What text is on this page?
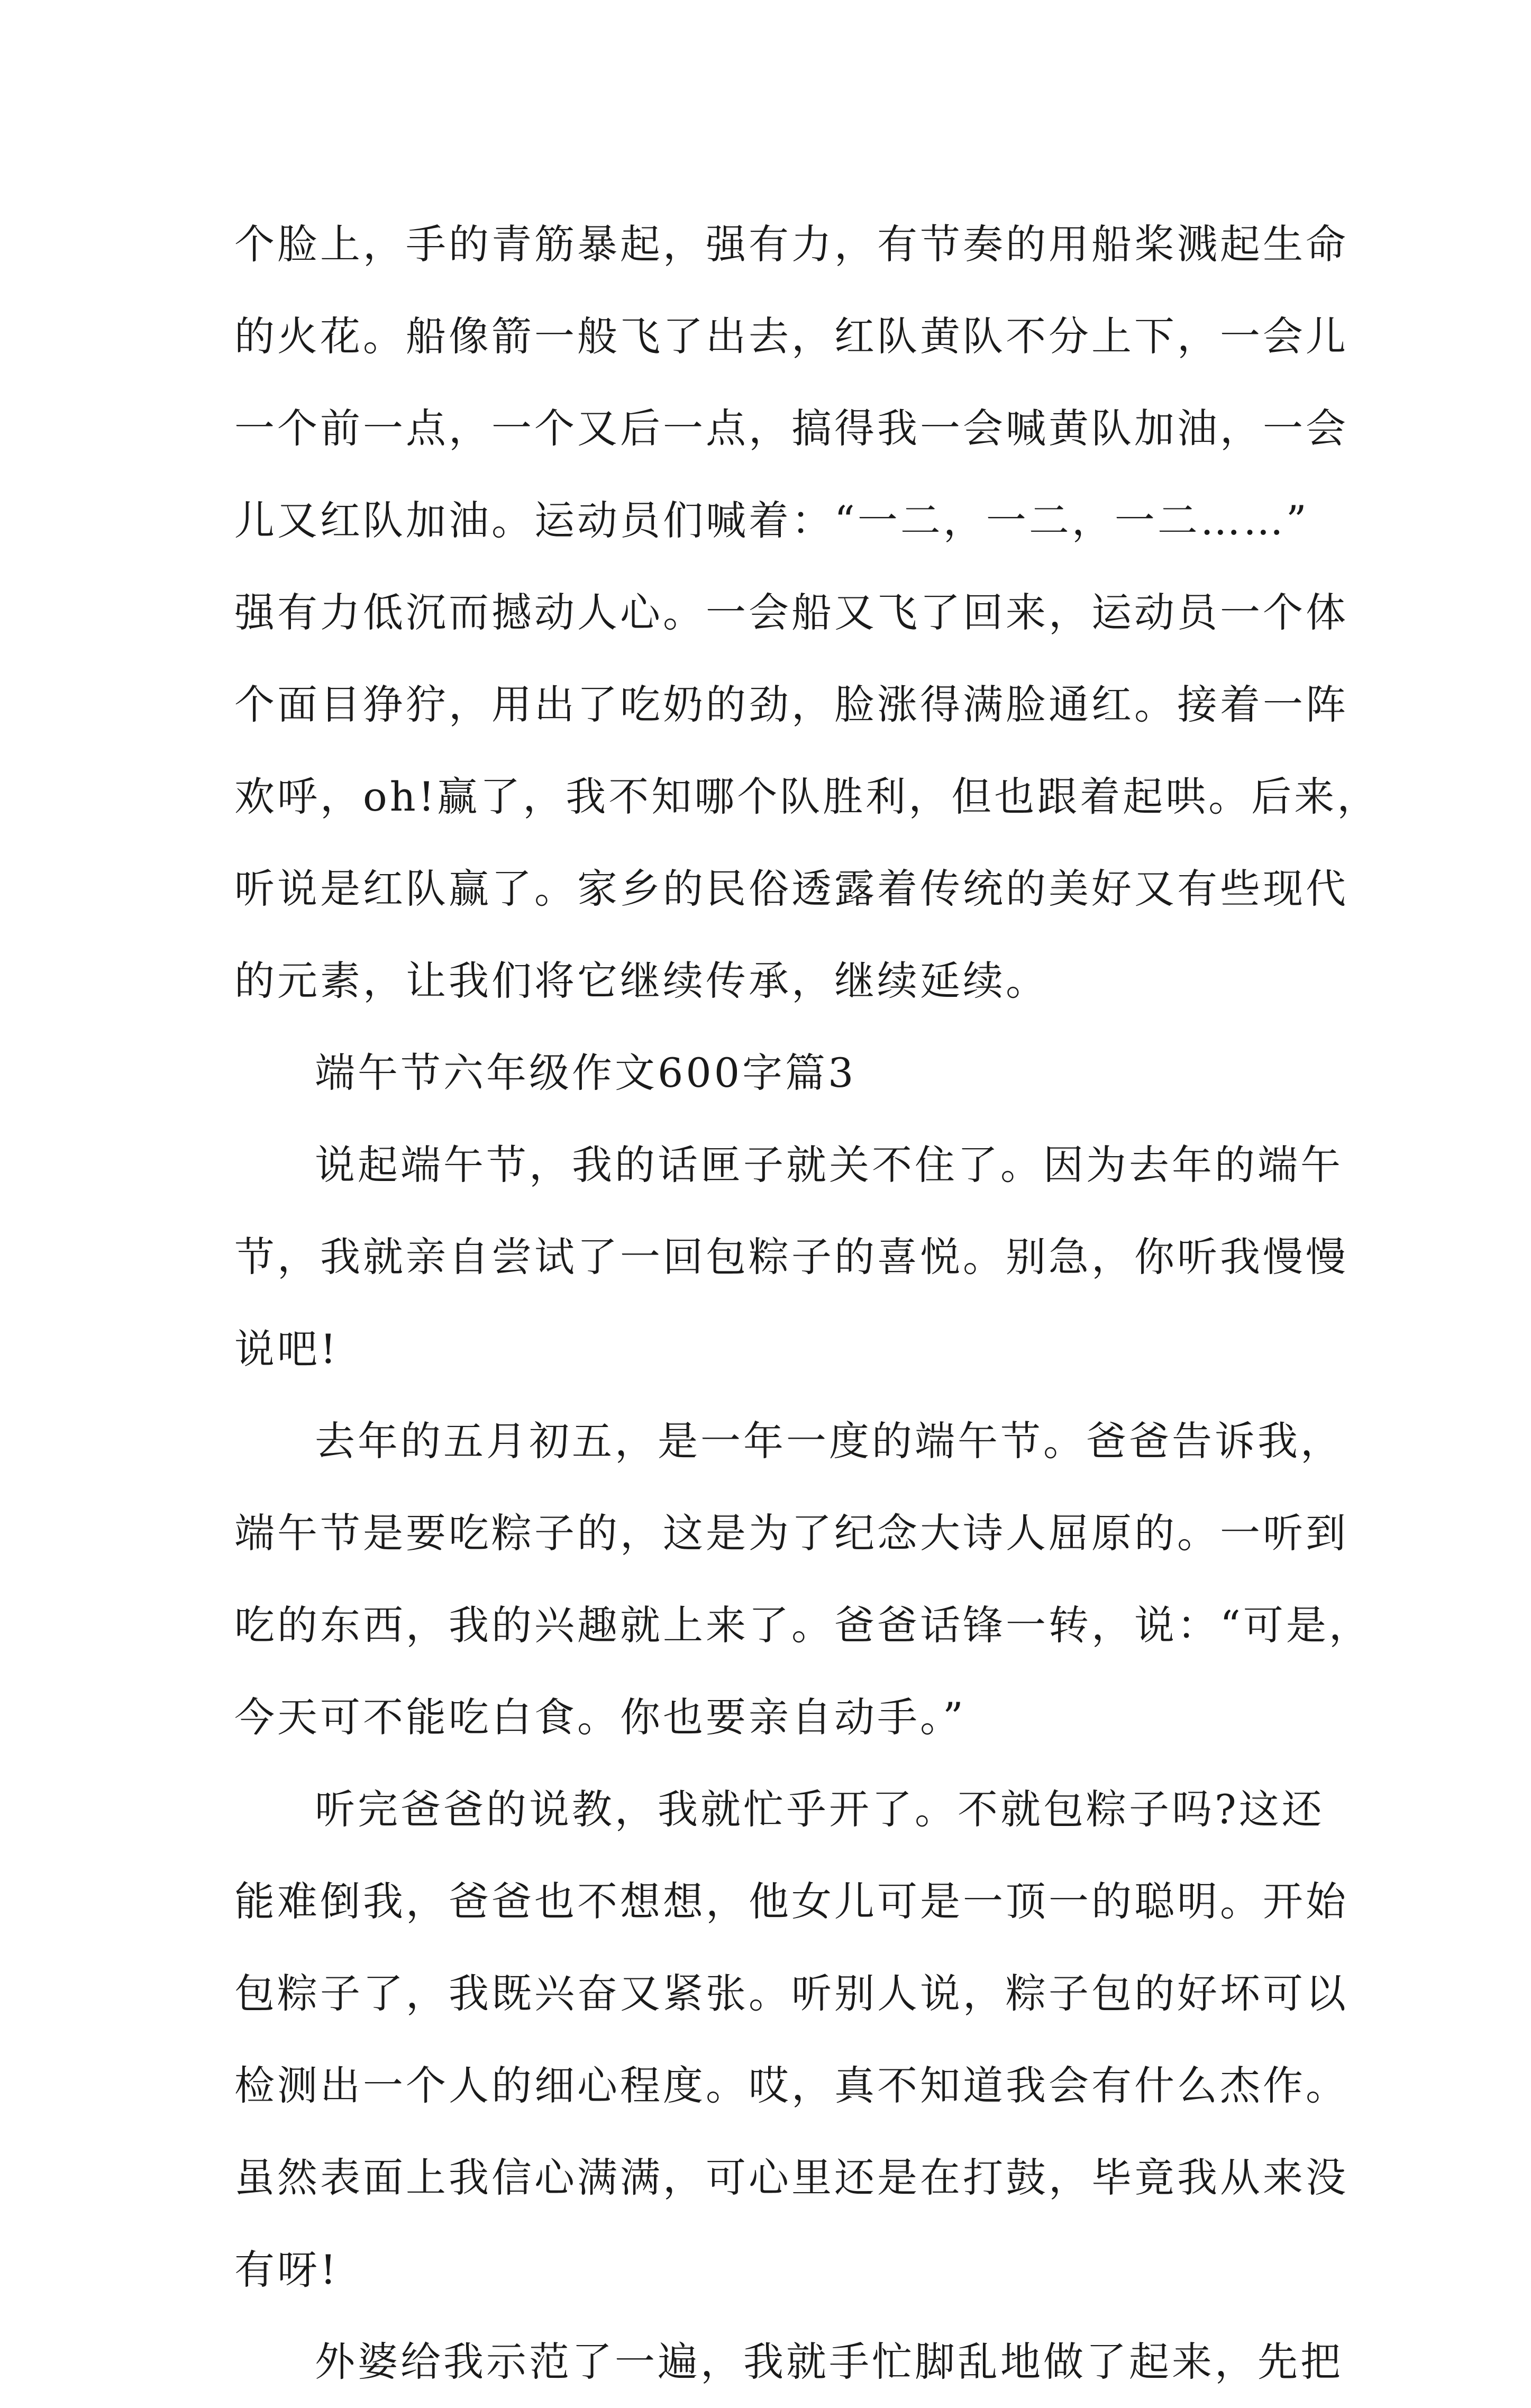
个脸上，手的青筋暴起，强有力，有节奏的用船桨溅起生命
的火花。船像箭一般飞了出去，红队黄队不分上下，一会儿
一个前一点，一个又后一点，搞得我一会喊黄队加油，一会
儿又红队加油。运动员们喊着：“一二，一二，一二……”
强有力低沉而撼动人心。一会船又飞了回来，运动员一个体
个面目狰狞，用出了吃奶的劲，脸涨得满脸通红。接着一阵
欢呼，oh!赢了，我不知哪个队胜利，但也跟着起哄。后来，
听说是红队赢了。家乡的民俗透露着传统的美好又有些现代
的元素，让我们将它继续传承，继续延续。
端午节六年级作文600字篇3
说起端午节，我的话匣子就关不住了。因为去年的端午
节，我就亲自尝试了一回包粽子的喜悦。别急，你听我慢慢
说吧!
去年的五月初五，是一年一度的端午节。爸爸告诉我，
端午节是要吃粽子的，这是为了纪念大诗人屈原的。一听到
吃的东西，我的兴趣就上来了。爸爸话锋一转，说：“可是，
今天可不能吃白食。你也要亲自动手。”
听完爸爸的说教，我就忙乎开了。不就包粽子吗?这还
能难倒我，爸爸也不想想，他女儿可是一顶一的聪明。开始
包粽子了，我既兴奋又紧张。听别人说，粽子包的好坏可以
检测出一个人的细心程度。哎，真不知道我会有什么杰作。
虽然表面上我信心满满，可心里还是在打鼓，毕竟我从来没
有呀!
外婆给我示范了一遍，我就手忙脚乱地做了起来，先把
